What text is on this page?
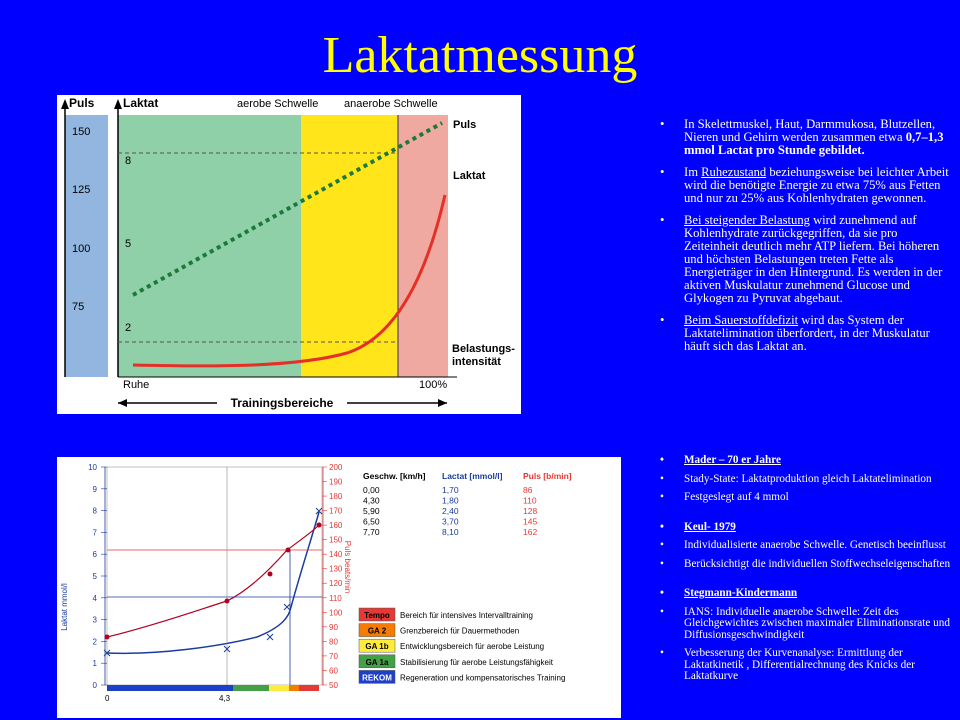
Laktatmessung
Puls Laktat	aerobe Schwelle anaerobe Schwelle
150
125
100
75
8
5
2
Puls
Laktat
Belastungs-
intensität
Ruhe	100%
Trainingsbereiche
10
9
8
7
6
5
4
3
2
1
0
200
190
180
170
160
150
140
130
120
110
100
90
80
70
60
50
Laktat mmol/l
Puls beats/min
0	4,3
Geschw. [km/h] Lactat [mmol/l] Puls [b/min]
0,00	1,70	86
4,30	1,80	110
5,90	2,40	128
6,50	3,70	145
7,70	8,10	162
Tempo Bereich für intensives Intervalltraining
GA 2 Grenzbereich für Dauermethoden
GA 1b Entwicklungsbereich für aerobe Leistung
GA 1a Stabilisierung für aerobe Leistungsfähigkeit
REKOM Regeneration und kompensatorisches Training
• In Skelettmuskel, Haut, Darmmukosa, Blutzellen, Nieren und Gehirn werden zusammen etwa 0,7–1,3 mmol Lactat pro Stunde gebildet.
• Im Ruhezustand beziehungsweise bei leichter Arbeit wird die benötigte Energie zu etwa 75% aus Fetten und nur zu 25% aus Kohlenhydraten gewonnen.
• Bei steigender Belastung wird zunehmend auf Kohlenhydrate zurückgegriffen, da sie pro Zeiteinheit deutlich mehr ATP liefern. Bei höheren und höchsten Belastungen treten Fette als Energieträger in den Hintergrund. Es werden in der aktiven Muskulatur zunehmend Glucose und Glykogen zu Pyruvat abgebaut.
• Beim Sauerstoffdefizit wird das System der Laktatelimination überfordert, in der Muskulatur häuft sich das Laktat an.
• Mader – 70 er Jahre
• Stady-State: Laktatproduktion gleich Laktatelimination
• Festgeslegt auf 4 mmol
• Keul- 1979
• Individualisierte anaerobe Schwelle. Genetisch beeinflusst
• Berücksichtigt die individuellen Stoffwechseleigenschaften
• Stegmann-Kindermann
• IANS: Individuelle anaerobe Schwelle: Zeit des Gleichgewichtes zwischen maximaler Eliminationsrate und Diffusionsgeschwindigkeit
• Verbesserung der Kurvenanalyse: Ermittlung der Laktatkinetik , Differentialrechnung des Knicks der Laktatkurve
